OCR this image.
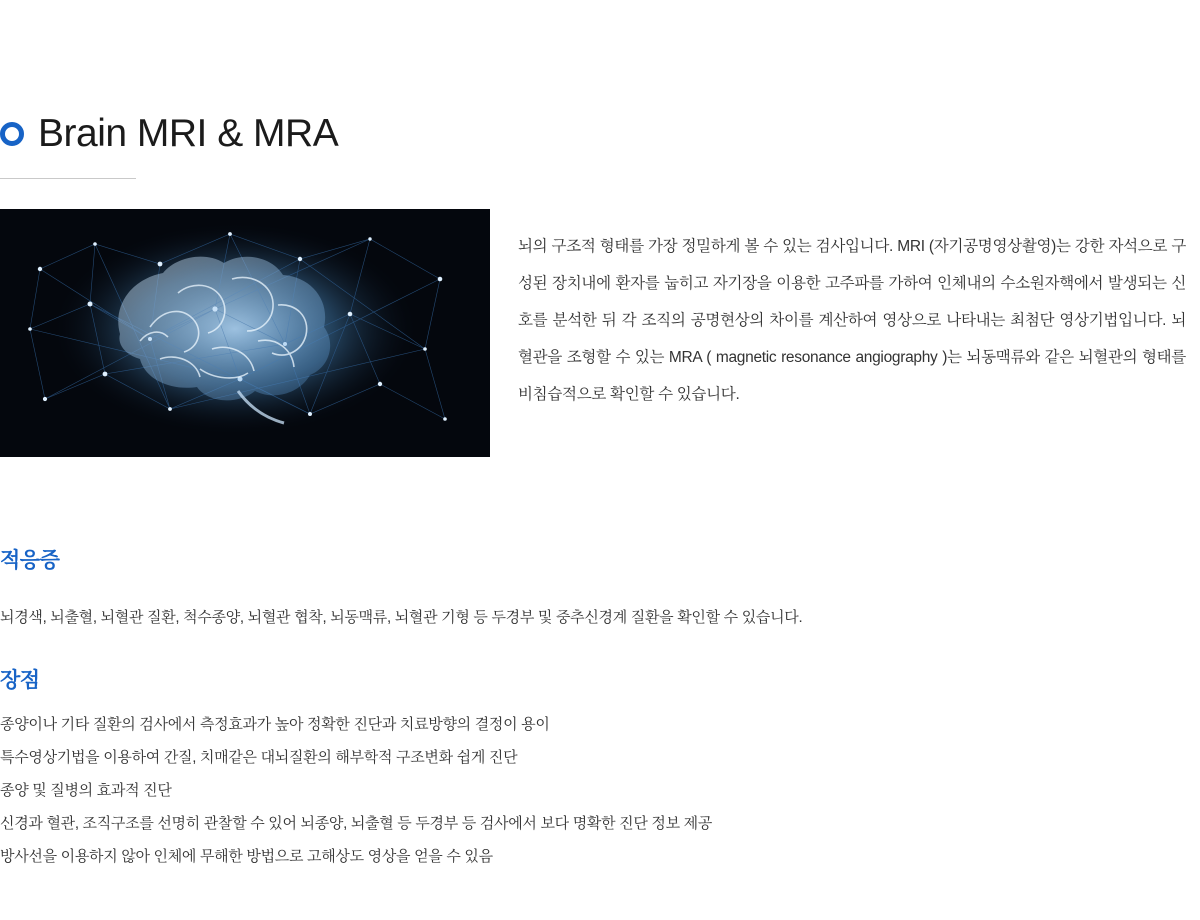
Brain MRI & MRA

뇌의 구조적 형태를 가장 정밀하게 볼 수 있는 검사입니다. MRI (자기공명영상촬영)는 강한 자석으로 구성된 장치내에 환자를 눕히고 자기장을 이용한 고주파를 가하여 인체내의 수소원자핵에서 발생되는 신호를 분석한 뒤 각 조직의 공명현상의 차이를 계산하여 영상으로 나타내는 최첨단 영상기법입니다. 뇌혈관을 조형할 수 있는 MRA ( magnetic resonance angiography )는 뇌동맥류와 같은 뇌혈관의 형태를 비침습적으로 확인할 수 있습니다.

적응증

뇌경색, 뇌출혈, 뇌혈관 질환, 척수종양, 뇌혈관 협착, 뇌동맥류, 뇌혈관 기형 등 두경부 및 중추신경계 질환을 확인할 수 있습니다.

장점
종양이나 기타 질환의 검사에서 측정효과가 높아 정확한 진단과 치료방향의 결정이 용이
특수영상기법을 이용하여 간질, 치매같은 대뇌질환의 해부학적 구조변화 쉽게 진단
종양 및 질병의 효과적 진단
신경과 혈관, 조직구조를 선명히 관찰할 수 있어 뇌종양, 뇌출혈 등 두경부 등 검사에서 보다 명확한 진단 정보 제공
방사선을 이용하지 않아 인체에 무해한 방법으로 고해상도 영상을 얻을 수 있음
